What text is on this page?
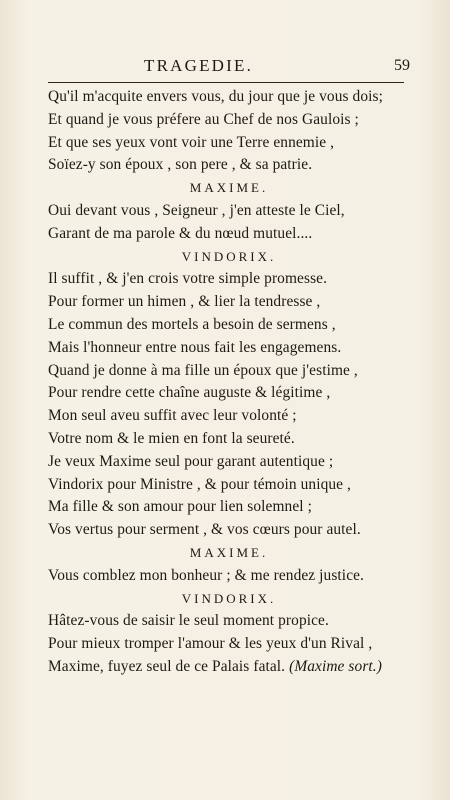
TRAGEDIE.	59
Qu'il m'acquite envers vous, du jour que je vous dois;
Et quand je vous préfere au Chef de nos Gaulois ;
Et que ses yeux vont voir une Terre ennemie ,
Soïez-y son époux , son pere , & sa patrie.
MAXIME.
Oui devant vous , Seigneur , j'en atteste le Ciel,
Garant de ma parole & du nœud mutuel....
VINDORIX.
Il suffit , & j'en crois votre simple promesse.
Pour former un himen , & lier la tendresse ,
Le commun des mortels a besoin de sermens ,
Mais l'honneur entre nous fait les engagemens.
Quand je donne à ma fille un époux que j'estime ,
Pour rendre cette chaîne auguste & légitime ,
Mon seul aveu suffit avec leur volonté ;
Votre nom & le mien en font la seureté.
Je veux Maxime seul pour garant autentique ;
Vindorix pour Ministre , & pour témoin unique ,
Ma fille & son amour pour lien solemnel ;
Vos vertus pour serment , & vos cœurs pour autel.
MAXIME.
Vous comblez mon bonheur ; & me rendez justice.
VINDORIX.
Hâtez-vous de saisir le seul moment propice.
Pour mieux tromper l'amour & les yeux d'un Rival ,
Maxime, fuyez seul de ce Palais fatal. (Maxime sort.)
